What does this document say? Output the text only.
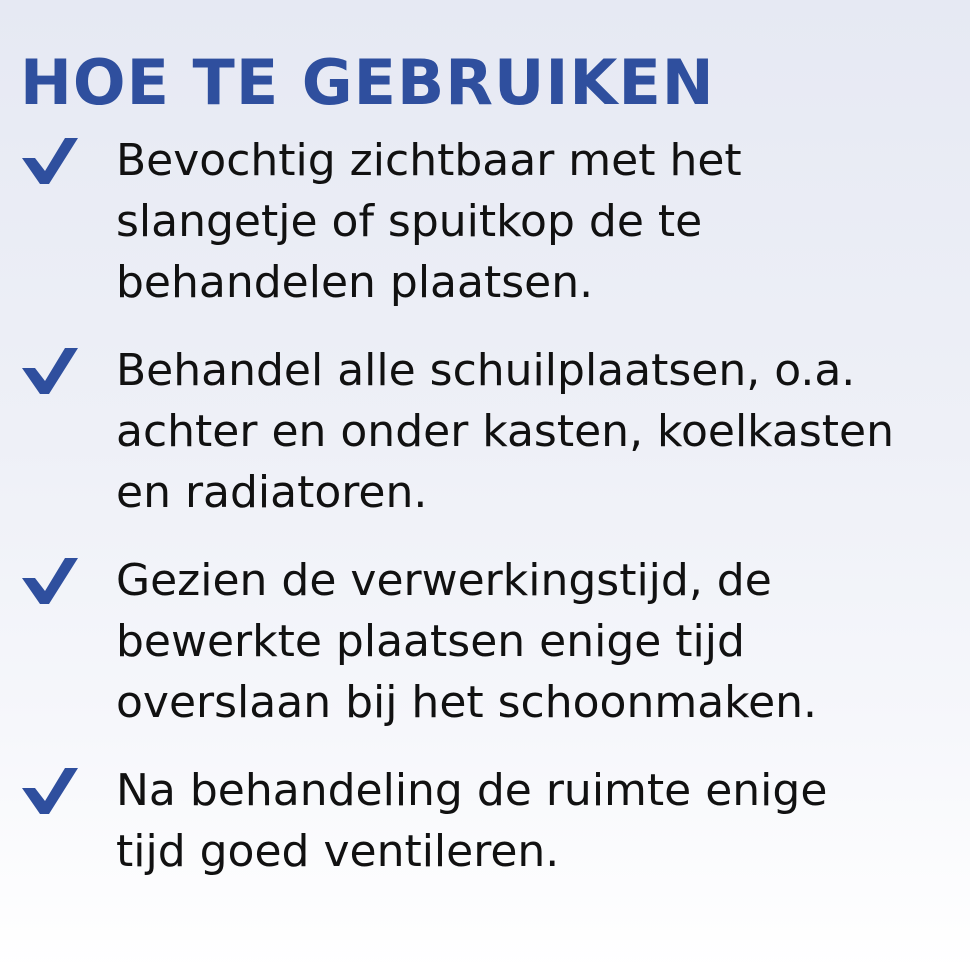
HOE TE GEBRUIKEN
Bevochtig zichtbaar met het
slangetje of spuitkop de te
behandelen plaatsen.
Behandel alle schuilplaatsen, o.a.
achter en onder kasten, koelkasten
en radiatoren.
Gezien de verwerkingstijd, de
bewerkte plaatsen enige tijd
overslaan bij het schoonmaken.
Na behandeling de ruimte enige
tijd goed ventileren.
